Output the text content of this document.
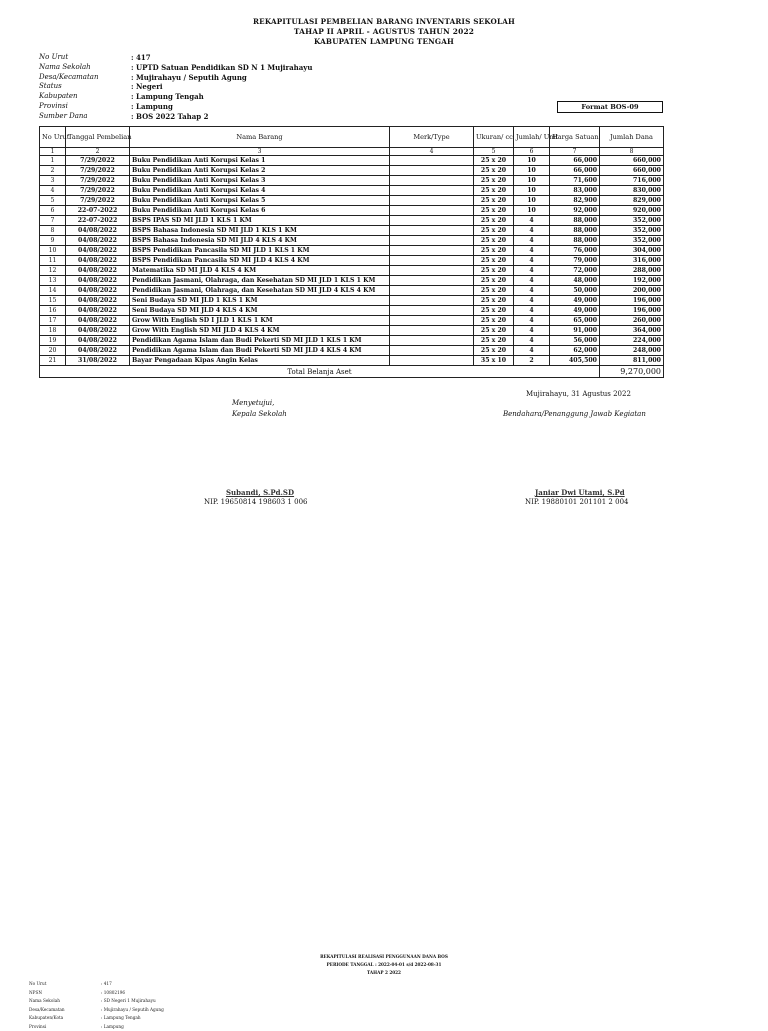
REKAPITULASI PEMBELIAN BARANG INVENTARIS SEKOLAH
TAHAP II APRIL - AGUSTUS TAHUN 2022
KABUPATEN LAMPUNG TENGAH
No Urut	: 417
Nama Sekolah	: UPTD Satuan Pendidikan SD N 1 Mujirahayu
Desa/Kecamatan	: Mujirahayu / Seputih Agung
Status	: Negeri
Kabupaten	: Lampung Tengah
Provinsi	: Lampung
Sumber Dana	: BOS 2022 Tahap 2
Format BOS-09
No Urut	Tanggal Pembelian	Nama Barang	Merk/Type	Ukuran/ cc	Jumlah/ Unit	Harga Satuan	Jumlah Dana
1	2	3	4	5	6	7	8
1	7/29/2022	Buku Pendidikan Anti Korupsi Kelas 1		25 x 20	10	66,000	660,000
2	7/29/2022	Buku Pendidikan Anti Korupsi Kelas 2		25 x 20	10	66,000	660,000
3	7/29/2022	Buku Pendidikan Anti Korupsi Kelas 3		25 x 20	10	71,600	716,000
4	7/29/2022	Buku Pendidikan Anti Korupsi Kelas 4		25 x 20	10	83,000	830,000
5	7/29/2022	Buku Pendidikan Anti Korupsi Kelas 5		25 x 20	10	82,900	829,000
6	22-07-2022	Buku Pendidikan Anti Korupsi Kelas 6		25 x 20	10	92,000	920,000
7	22-07-2022	BSPS IPAS SD MI JLD 1 KLS 1 KM		25 x 20	4	88,000	352,000
8	04/08/2022	BSPS Bahasa Indonesia SD MI JLD 1 KLS 1 KM		25 x 20	4	88,000	352,000
9	04/08/2022	BSPS Bahasa Indonesia SD MI JLD 4 KLS 4 KM		25 x 20	4	88,000	352,000
10	04/08/2022	BSPS Pendidikan Pancasila SD MI JLD 1 KLS 1 KM		25 x 20	4	76,000	304,000
11	04/08/2022	BSPS Pendidikan Pancasila SD MI JLD 4 KLS 4 KM		25 x 20	4	79,000	316,000
12	04/08/2022	Matematika SD MI JLD 4 KLS 4 KM		25 x 20	4	72,000	288,000
13	04/08/2022	Pendidikan Jasmani, Olahraga, dan Kesehatan SD MI JLD 1 KLS 1 KM		25 x 20	4	48,000	192,000
14	04/08/2022	Pendidikan Jasmani, Olahraga, dan Kesehatan SD MI JLD 4 KLS 4 KM		25 x 20	4	50,000	200,000
15	04/08/2022	Seni Budaya SD MI JLD 1 KLS 1 KM		25 x 20	4	49,000	196,000
16	04/08/2022	Seni Budaya SD MI JLD 4 KLS 4 KM		25 x 20	4	49,000	196,000
17	04/08/2022	Grow With English SD I JLD 1 KLS 1 KM		25 x 20	4	65,000	260,000
18	04/08/2022	Grow With English SD MI JLD 4 KLS 4 KM		25 x 20	4	91,000	364,000
19	04/08/2022	Pendidikan Agama Islam dan Budi Pekerti SD MI JLD 1 KLS 1 KM		25 x 20	4	56,000	224,000
20	04/08/2022	Pendidikan Agama Islam dan Budi Pekerti SD MI JLD 4 KLS 4 KM		25 x 20	4	62,000	248,000
21	31/08/2022	Bayar Pengadaan Kipas Angin Kelas		35 x 10	2	405,500	811,000
Total Belanja Aset							9,270,000
Mujirahayu, 31 Agustus 2022
Menyetujui,
Kepala Sekolah	Bendahara/Penanggung Jawab Kegiatan
Subandi, S.Pd.SD
NIP. 19650814 198603 1 006
Janiar Dwi Utami, S.Pd
NIP. 19880101 201101 2 004
REKAPITULASI REALISASI PENGGUNAAN DANA BOS
PERIODE TANGGAL : 2022-04-01 s/d 2022-08-31
TAHAP 2 2022
No Urut	: 417
NPSN	: 10802196
Nama Sekolah	: SD Negeri 1 Mujirahayu
Desa/Kecamatan	: Mujirahayu / Seputih Agung
Kabupaten/Kota	: Lampung Tengah
Provinsi	: Lampung
